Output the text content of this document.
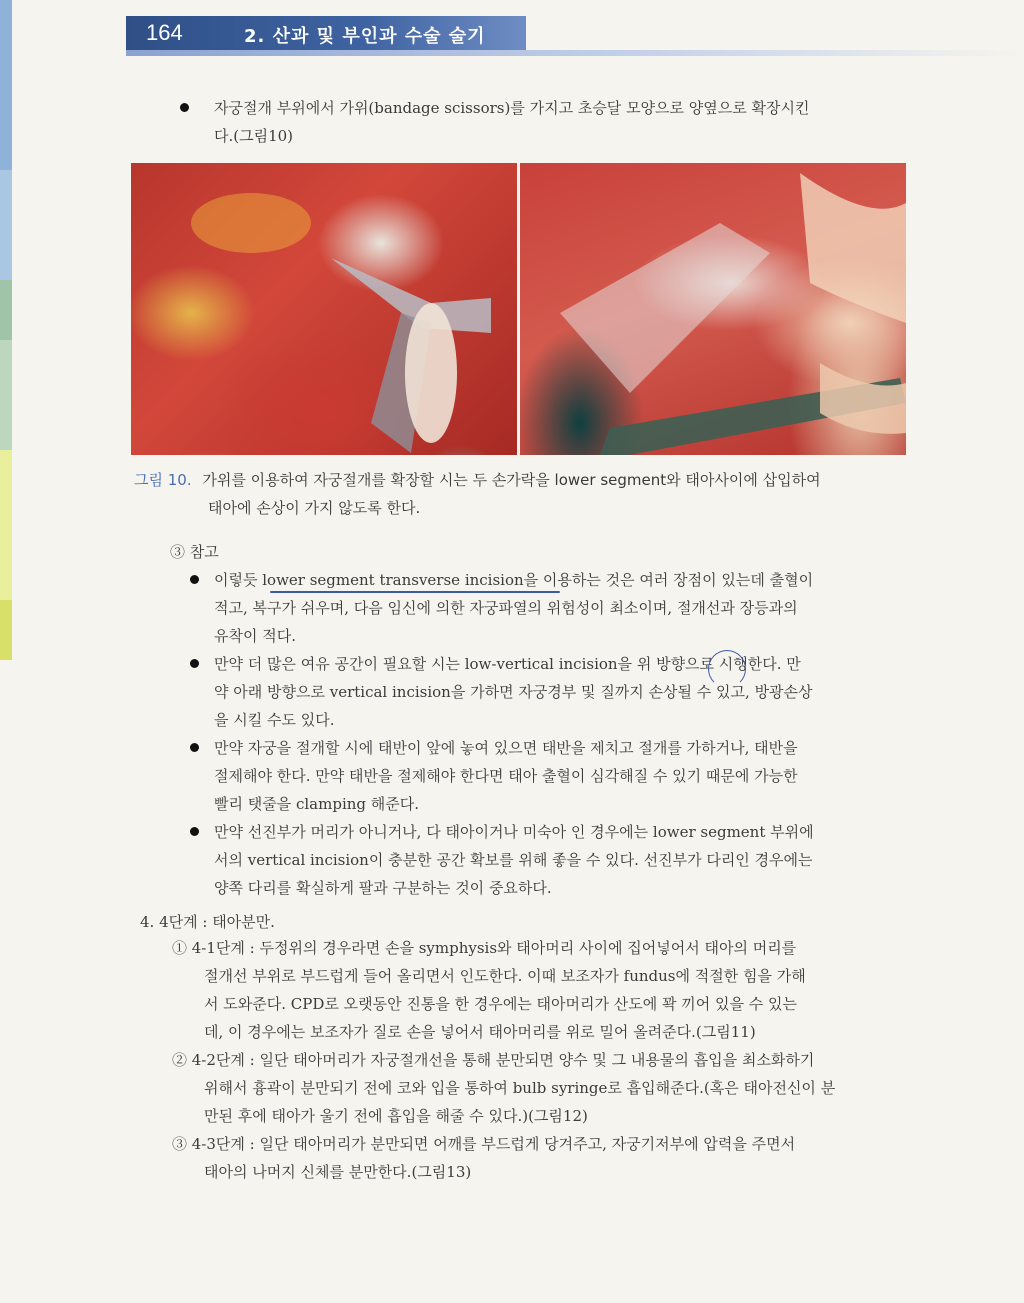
164	2. 산과 및 부인과 수술 술기
자궁절개 부위에서 가위(bandage scissors)를 가지고 초승달 모양으로 양옆으로 확장시킨
다.(그림10)
그림 10. 가위를 이용하여 자궁절개를 확장할 시는 두 손가락을 lower segment와 태아사이에 삽입하여
태아에 손상이 가지 않도록 한다.
③ 참고
이렇듯 lower segment transverse incision을 이용하는 것은 여러 장점이 있는데 출혈이
적고, 복구가 쉬우며, 다음 임신에 의한 자궁파열의 위험성이 최소이며, 절개선과 장등과의
유착이 적다.
만약 더 많은 여유 공간이 필요할 시는 low-vertical incision을 위 방향으로 시행한다. 만
약 아래 방향으로 vertical incision을 가하면 자궁경부 및 질까지 손상될 수 있고, 방광손상
을 시킬 수도 있다.
만약 자궁을 절개할 시에 태반이 앞에 놓여 있으면 태반을 제치고 절개를 가하거나, 태반을
절제해야 한다. 만약 태반을 절제해야 한다면 태아 출혈이 심각해질 수 있기 때문에 가능한
빨리 탯줄을 clamping 해준다.
만약 선진부가 머리가 아니거나, 다 태아이거나 미숙아 인 경우에는 lower segment 부위에
서의 vertical incision이 충분한 공간 확보를 위해 좋을 수 있다. 선진부가 다리인 경우에는
양쪽 다리를 확실하게 팔과 구분하는 것이 중요하다.
4. 4단계 : 태아분만.
① 4-1단계 : 두정위의 경우라면 손을 symphysis와 태아머리 사이에 집어넣어서 태아의 머리를
절개선 부위로 부드럽게 들어 올리면서 인도한다. 이때 보조자가 fundus에 적절한 힘을 가해
서 도와준다. CPD로 오랫동안 진통을 한 경우에는 태아머리가 산도에 꽉 끼어 있을 수 있는
데, 이 경우에는 보조자가 질로 손을 넣어서 태아머리를 위로 밀어 올려준다.(그림11)
② 4-2단계 : 일단 태아머리가 자궁절개선을 통해 분만되면 양수 및 그 내용물의 흡입을 최소화하기
위해서 흉곽이 분만되기 전에 코와 입을 통하여 bulb syringe로 흡입해준다.(혹은 태아전신이 분
만된 후에 태아가 울기 전에 흡입을 해줄 수 있다.)(그림12)
③ 4-3단계 : 일단 태아머리가 분만되면 어깨를 부드럽게 당겨주고, 자궁기저부에 압력을 주면서
태아의 나머지 신체를 분만한다.(그림13)
